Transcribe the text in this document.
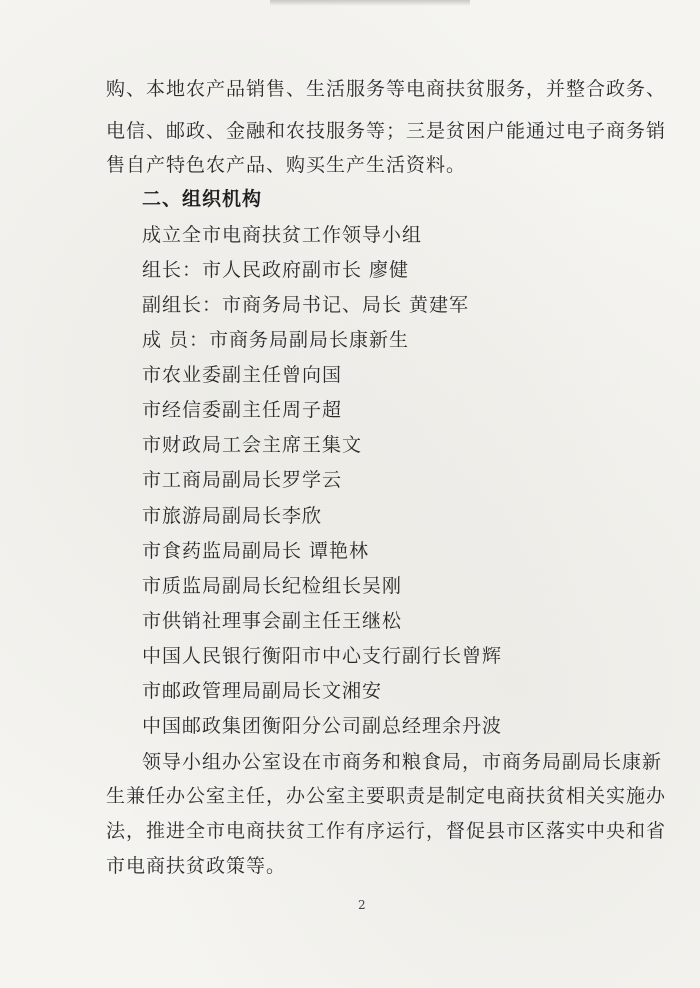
购、本地农产品销售、生活服务等电商扶贫服务，并整合政务、
电信、邮政、金融和农技服务等；三是贫困户能通过电子商务销
售自产特色农产品、购买生产生活资料。
二、组织机构
成立全市电商扶贫工作领导小组
组长：市人民政府副市长 廖健
副组长：市商务局书记、局长 黄建军
成 员：市商务局副局长康新生
市农业委副主任曾向国
市经信委副主任周子超
市财政局工会主席王集文
市工商局副局长罗学云
市旅游局副局长李欣
市食药监局副局长 谭艳林
市质监局副局长纪检组长吴刚
市供销社理事会副主任王继松
中国人民银行衡阳市中心支行副行长曾辉
市邮政管理局副局长文湘安
中国邮政集团衡阳分公司副总经理余丹波
领导小组办公室设在市商务和粮食局，市商务局副局长康新
生兼任办公室主任，办公室主要职责是制定电商扶贫相关实施办
法，推进全市电商扶贫工作有序运行，督促县市区落实中央和省
市电商扶贫政策等。
2
